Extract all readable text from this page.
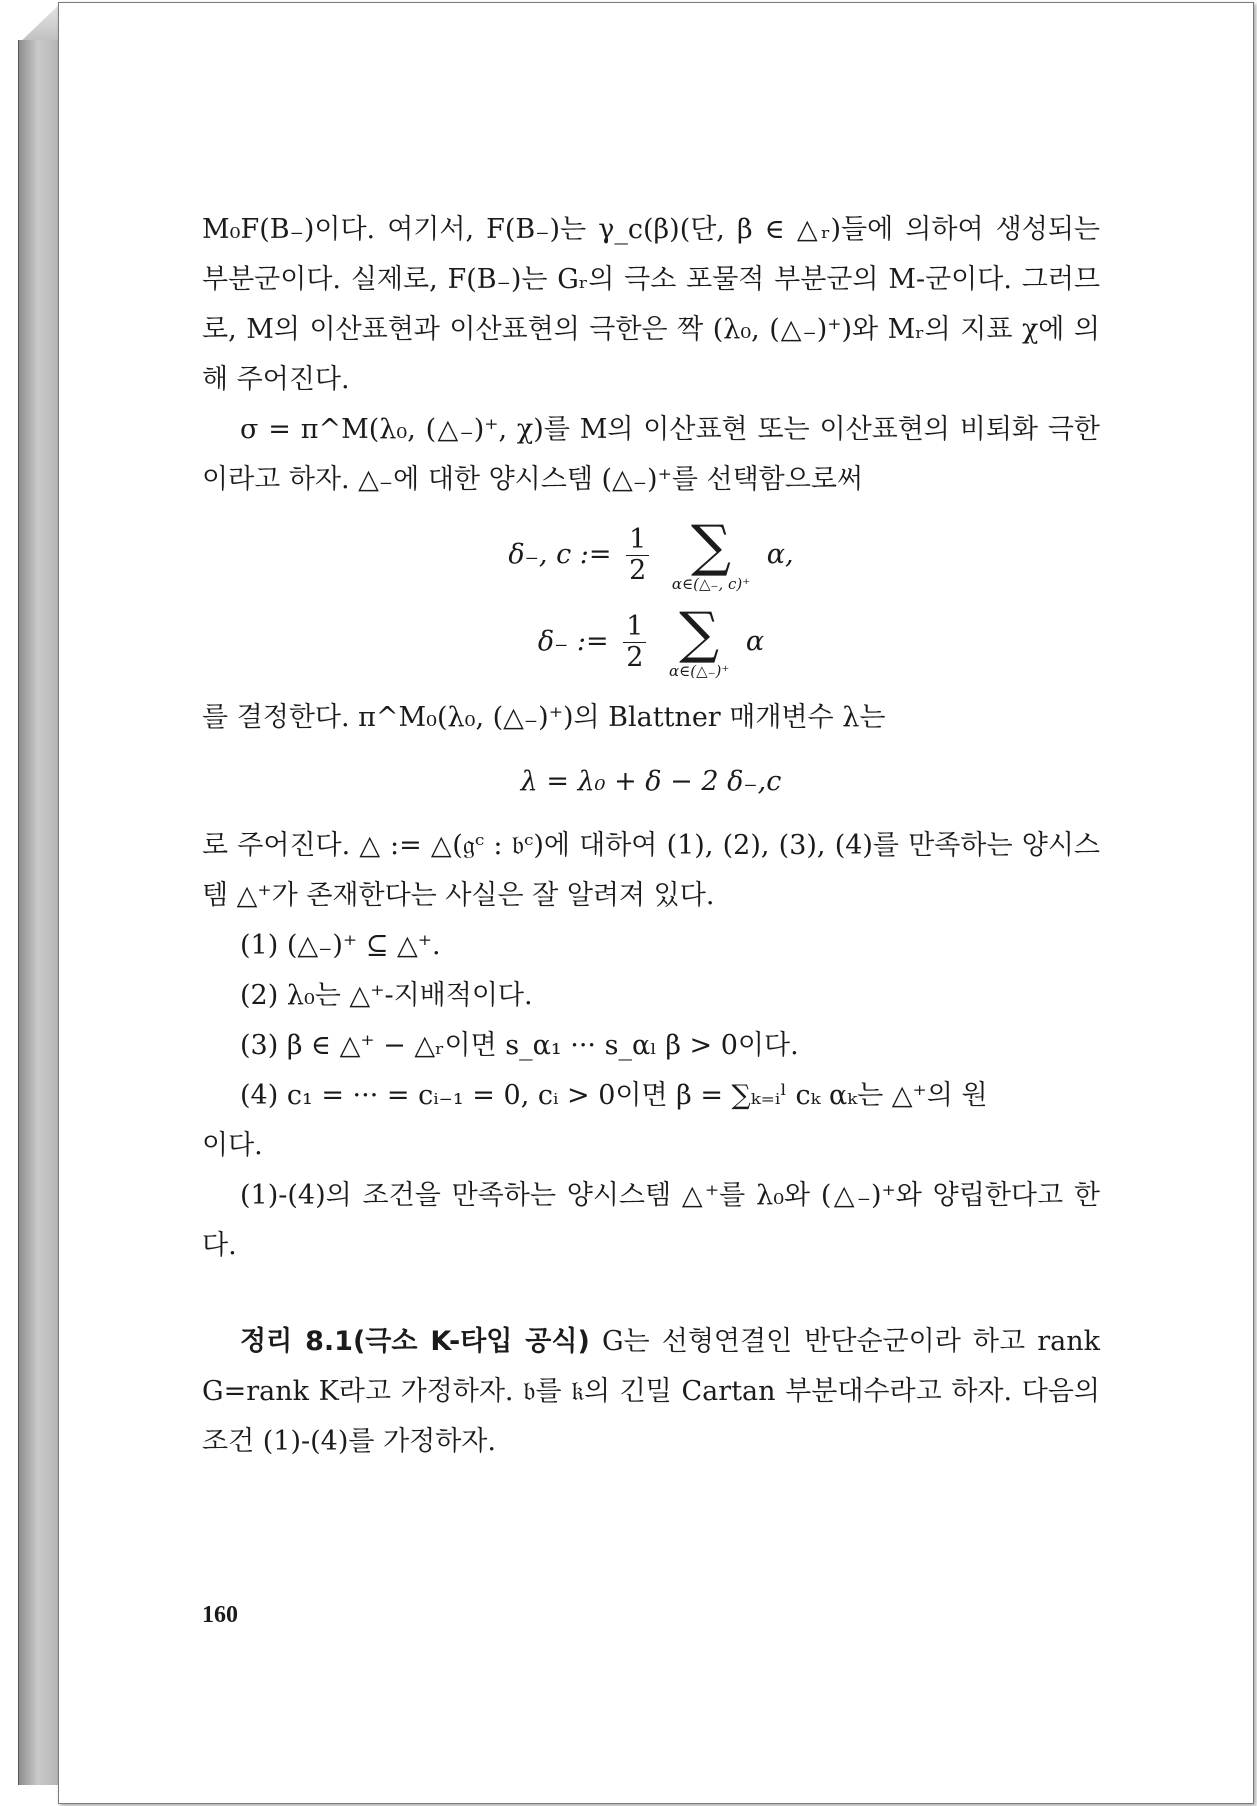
M₀F(B₋)이다. 여기서, F(B₋)는 γ_c(β)(단, β ∈ △ᵣ)들에 의하여 생성되는 부분군이다. 실제로, F(B₋)는 Gᵣ의 극소 포물적 부분군의 M-군이다. 그러므로, M의 이산표현과 이산표현의 극한은 짝 (λ₀, (△₋)⁺)와 Mᵣ의 지표 χ에 의해 주어진다.

σ = π^M(λ₀, (△₋)⁺, χ)를 M의 이산표현 또는 이산표현의 비퇴화 극한이라고 하자. △₋에 대한 양시스템 (△₋)⁺를 선택함으로써

δ₋, c := $\frac{1}{2}$
∑
α∈(△₋, c)⁺
α,
δ₋ := $\frac{1}{2}$
∑
α∈(△₋)⁺
α

를 결정한다. π^M₀(λ₀, (△₋)⁺)의 Blattner 매개변수 λ는

λ = λ₀ + δ − 2 δ₋,c

로 주어진다. △ := △(𝔤ᶜ : 𝔟ᶜ)에 대하여 (1), (2), (3), (4)를 만족하는 양시스템 △⁺가 존재한다는 사실은 잘 알려져 있다.

(1) (△₋)⁺ ⊆ △⁺.

(2) λ₀는 △⁺-지배적이다.

(3) β ∈ △⁺ − △ᵣ이면 s_α₁ ··· s_αₗ β > 0이다.

(4) c₁ = ··· = cᵢ₋₁ = 0, cᵢ > 0이면 β = ∑ₖ₌ᵢˡ cₖ αₖ는 △⁺의 원

이다.

(1)-(4)의 조건을 만족하는 양시스템 △⁺를 λ₀와 (△₋)⁺와 양립한다고 한다.

정리 8.1(극소 K-타입 공식) G는 선형연결인 반단순군이라 하고 rank G=rank K라고 가정하자. 𝔟를 𝔨의 긴밀 Cartan 부분대수라고 하자. 다음의 조건 (1)-(4)를 가정하자.

160
